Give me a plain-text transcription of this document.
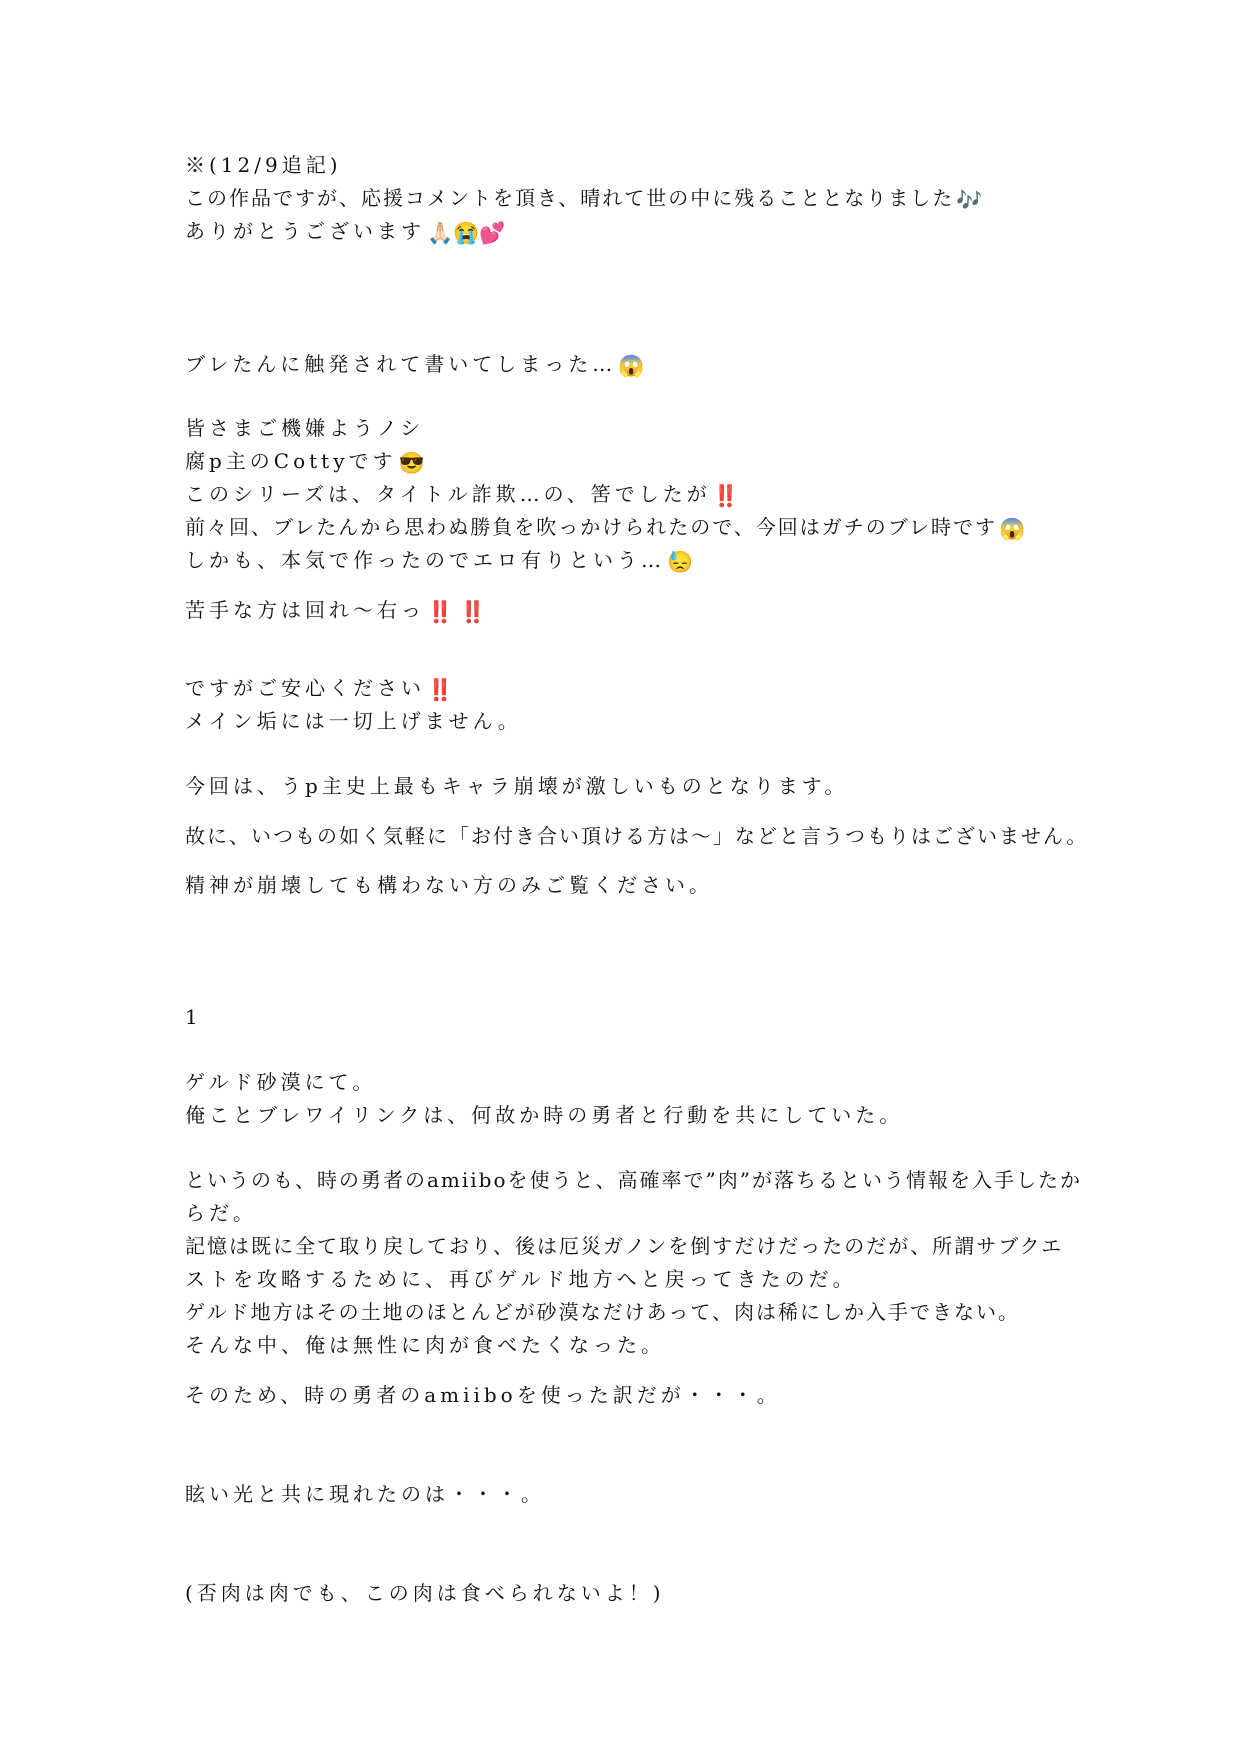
※(12/9追記)
この作品ですが、応援コメントを頂き、晴れて世の中に残ることとなりました🎶
ありがとうございます🙏🏻😭💕
ブレたんに触発されて書いてしまった…😱
皆さまご機嫌ようノシ
腐p主のCottyです😎
このシリーズは、タイトル詐欺…の、筈でしたが‼️
前々回、ブレたんから思わぬ勝負を吹っかけられたので、今回はガチのブレ時です😱
しかも、本気で作ったのでエロ有りという…😓
苦手な方は回れ〜右っ‼️ ‼️
ですがご安心ください‼️
メイン垢には一切上げません。
今回は、うp主史上最もキャラ崩壊が激しいものとなります。
故に、いつもの如く気軽に「お付き合い頂ける方は〜」などと言うつもりはございません。
精神が崩壊しても構わない方のみご覧ください。
1
ゲルド砂漠にて。
俺ことブレワイリンクは、何故か時の勇者と行動を共にしていた。
というのも、時の勇者のamiiboを使うと、高確率で”肉”が落ちるという情報を入手したか
らだ。
記憶は既に全て取り戻しており、後は厄災ガノンを倒すだけだったのだが、所謂サブクエ
ストを攻略するために、再びゲルド地方へと戻ってきたのだ。
ゲルド地方はその土地のほとんどが砂漠なだけあって、肉は稀にしか入手できない。
そんな中、俺は無性に肉が食べたくなった。
そのため、時の勇者のamiiboを使った訳だが・・・。
眩い光と共に現れたのは・・・。
(否肉は肉でも、この肉は食べられないよ！)
